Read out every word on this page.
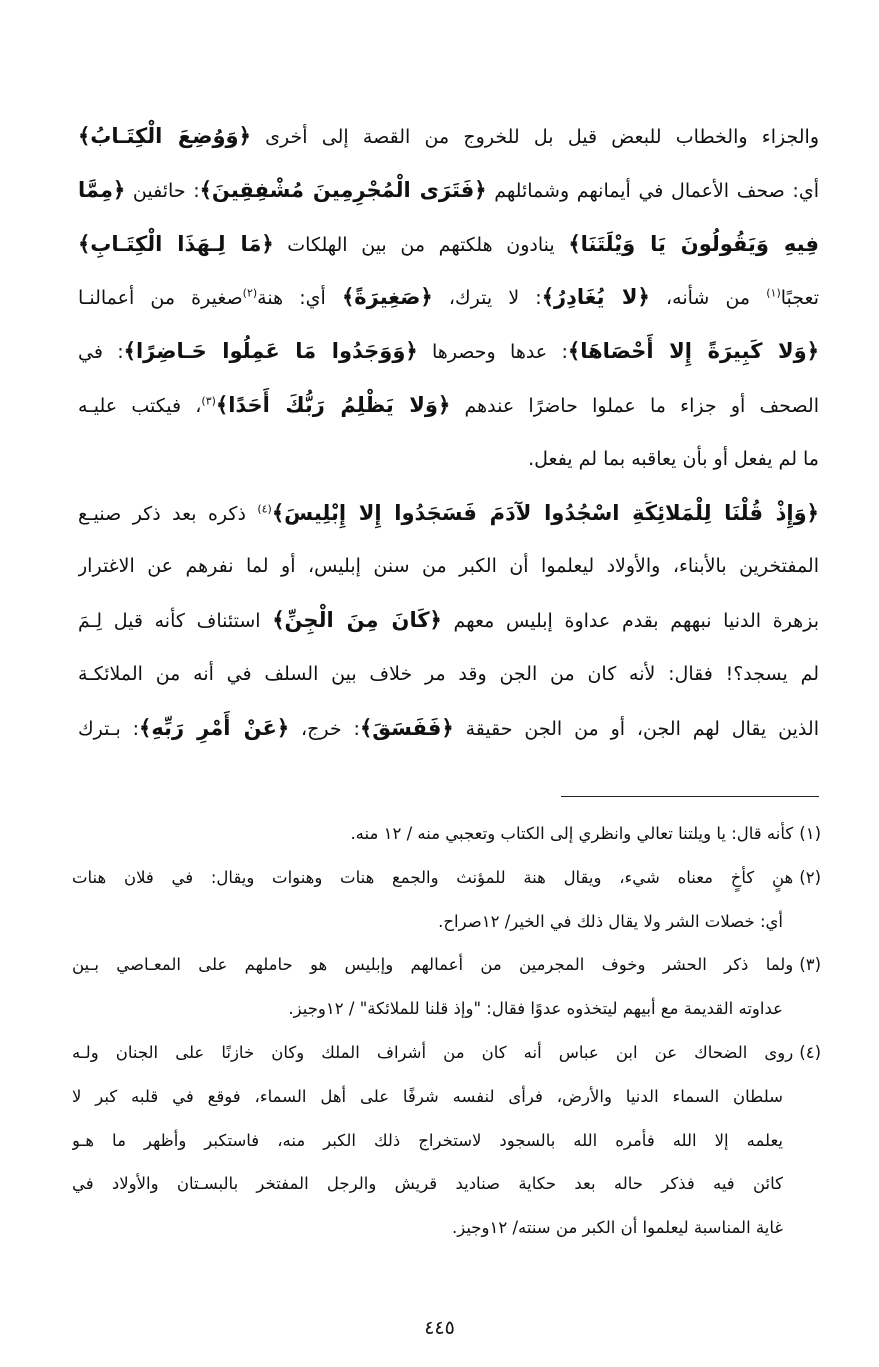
والجزاء والخطاب للبعض قيل بل للخروج من القصة إلى أخرى ﴿وَوُضِعَ الْكِتَـابُ﴾
أي: صحف الأعمال في أيمانهم وشمائلهم ﴿فَتَرَى الْمُجْرِمِينَ مُشْفِقِينَ﴾: حائفين ﴿مِمَّا
فِيهِ وَيَقُولُونَ يَا وَيْلَتَنَا﴾ ينادون هلكتهم من بين الهلكات ﴿مَا لِـهَذَا الْكِتَـابِ﴾
تعجبًا$^{(١)}$ من شأنه، ﴿لا يُغَادِرُ﴾: لا يترك، ﴿صَغِيرَةً﴾ أي: هنة$^{(٢)}$صغيرة من أعمالنـا
﴿وَلا كَبِيرَةً إِلا أَحْصَاهَا﴾: عدها وحصرها ﴿وَوَجَدُوا مَا عَمِلُوا حَـاضِرًا﴾: في
الصحف أو جزاء ما عملوا حاضرًا عندهم ﴿وَلا يَظْلِمُ رَبُّكَ أَحَدًا﴾$^{(٣)}$، فيكتب عليـه
ما لم يفعل أو بأن يعاقبه بما لم يفعل.
﴿وَإِذْ قُلْنَا لِلْمَلائِكَةِ اسْجُدُوا لآدَمَ فَسَجَدُوا إِلا إِبْلِيسَ﴾$^{(٤)}$ ذكره بعد ذكر صنيـع
المفتخرين بالأبناء، والأولاد ليعلموا أن الكبر من سنن إبليس، أو لما نفرهم عن الاغترار
بزهرة الدنيا نبههم بقدم عداوة إبليس معهم ﴿كَانَ مِنَ الْجِنِّ﴾ استئناف كأنه قيل لِـمَ
لم يسجد؟! فقال: لأنه كان من الجن وقد مر خلاف بين السلف في أنه من الملائكـة
الذين يقال لهم الجن، أو من الجن حقيقة ﴿فَفَسَقَ﴾: خرج، ﴿عَنْ أَمْرِ رَبِّهِ﴾: بـترك
(١)كأنه قال: يا ويلتنا تعالي وانظري إلى الكتاب وتعجبي منه / ١٢ منه.
(٢)هنٍ كأخٍ معناه شيء، ويقال هنة للمؤنث والجمع هنات وهنوات ويقال: في فلان هنات
أي: خصلات الشر ولا يقال ذلك في الخير/ ١٢صراح.
(٣)ولما ذكر الحشر وخوف المجرمين من أعمالهم وإبليس هو حاملهم على المعـاصي بـين
عداوته القديمة مع أبيهم ليتخذوه عدوًا فقال: "وإذ قلنا للملائكة" / ١٢وجيز.
(٤)روى الضحاك عن ابن عباس أنه كان من أشراف الملك وكان خازنًا على الجنان ولـه
سلطان السماء الدنيا والأرض، فرأى لنفسه شرفًا على أهل السماء، فوقع في قلبه كبر لا
يعلمه إلا الله فأمره الله بالسجود لاستخراج ذلك الكبر منه، فاستكبر وأظهر ما هـو
كائن فيه فذكر حاله بعد حكاية صناديد قريش والرجل المفتخر بالبسـتان والأولاد في
غاية المناسبة ليعلموا أن الكبر من سنته/ ١٢وجيز.
٤٤٥
